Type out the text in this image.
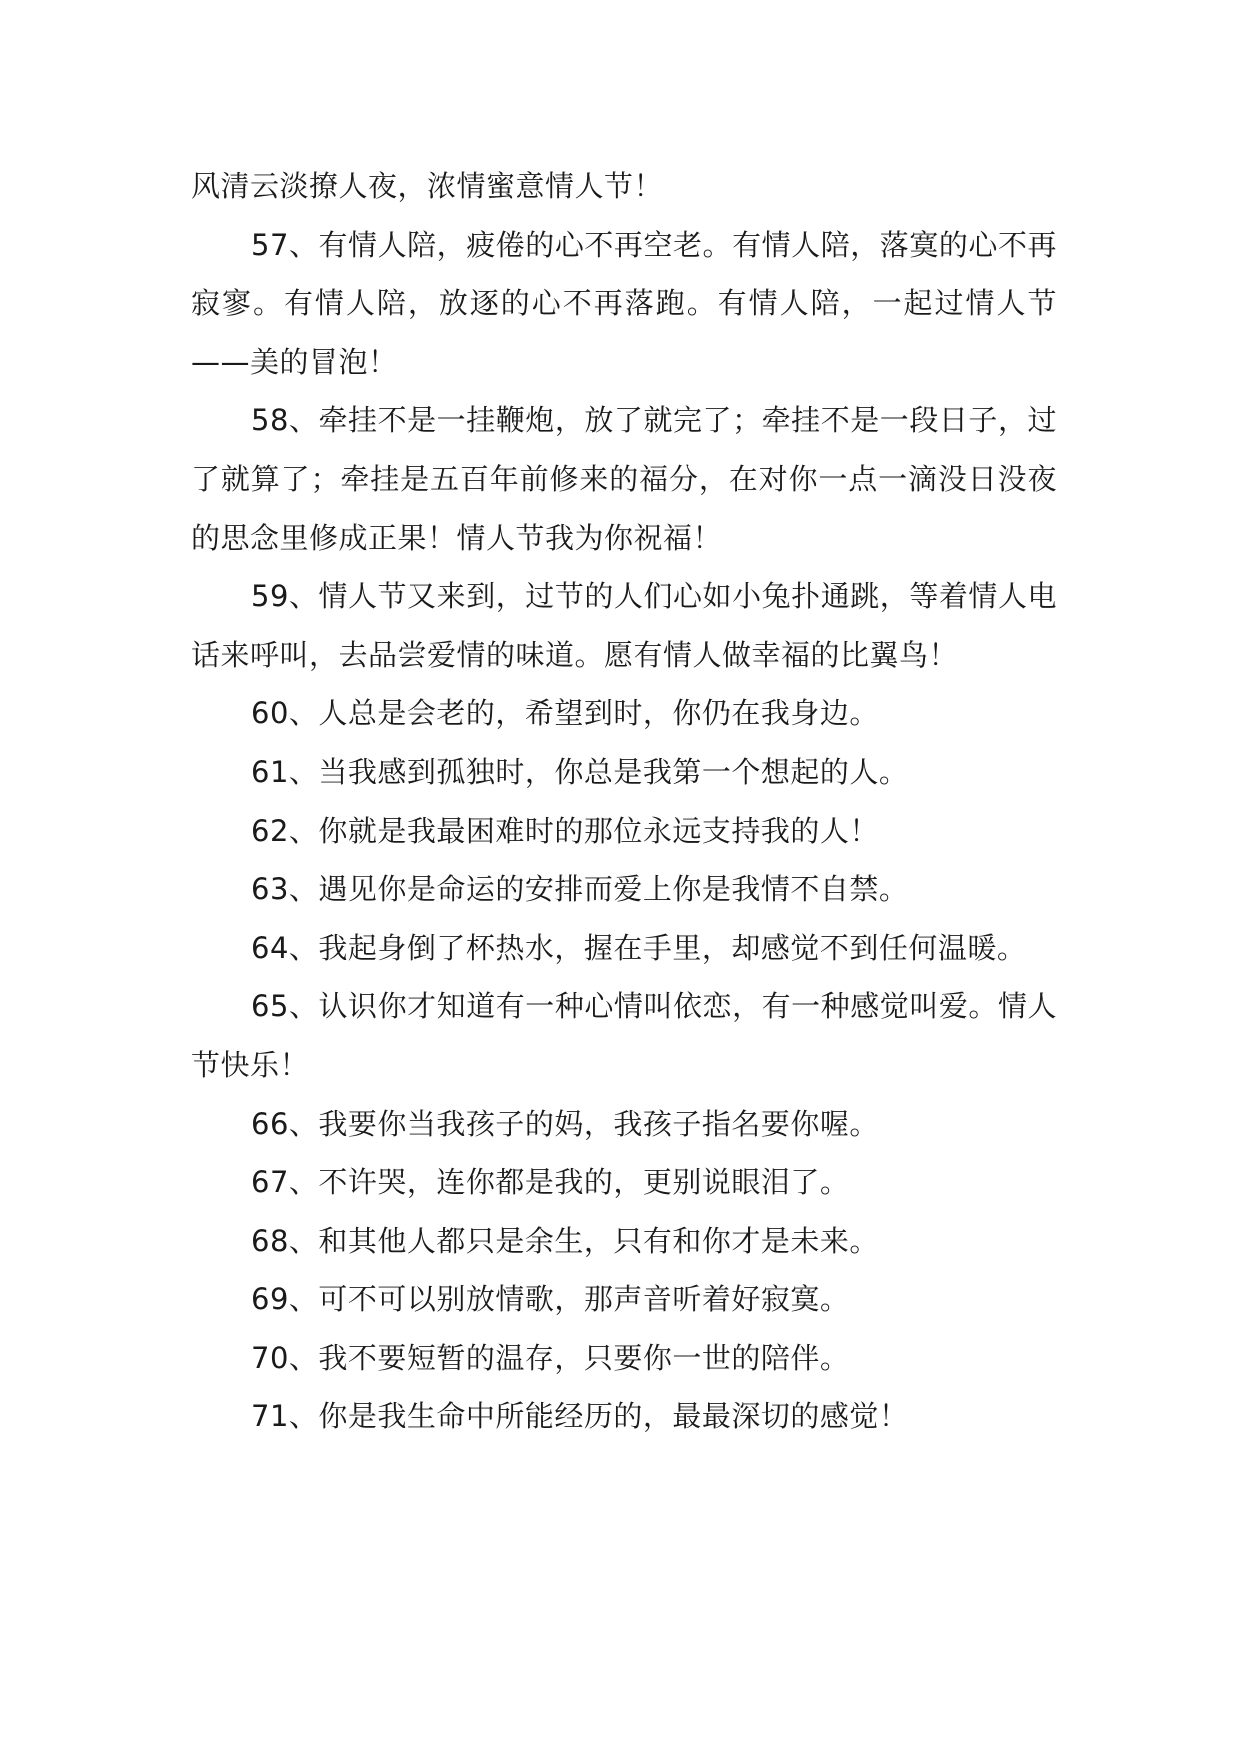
风清云淡撩人夜，浓情蜜意情人节！

57、有情人陪，疲倦的心不再空老。有情人陪，落寞的心不再寂寥。有情人陪，放逐的心不再落跑。有情人陪，一起过情人节——美的冒泡！

58、牵挂不是一挂鞭炮，放了就完了；牵挂不是一段日子，过了就算了；牵挂是五百年前修来的福分，在对你一点一滴没日没夜的思念里修成正果！情人节我为你祝福！

59、情人节又来到，过节的人们心如小兔扑通跳，等着情人电话来呼叫，去品尝爱情的味道。愿有情人做幸福的比翼鸟！

60、人总是会老的，希望到时，你仍在我身边。

61、当我感到孤独时，你总是我第一个想起的人。

62、你就是我最困难时的那位永远支持我的人！

63、遇见你是命运的安排而爱上你是我情不自禁。

64、我起身倒了杯热水，握在手里，却感觉不到任何温暖。

65、认识你才知道有一种心情叫依恋，有一种感觉叫爱。情人节快乐！

66、我要你当我孩子的妈，我孩子指名要你喔。

67、不许哭，连你都是我的，更别说眼泪了。

68、和其他人都只是余生，只有和你才是未来。

69、可不可以别放情歌，那声音听着好寂寞。

70、我不要短暂的温存，只要你一世的陪伴。

71、你是我生命中所能经历的，最最深切的感觉！
